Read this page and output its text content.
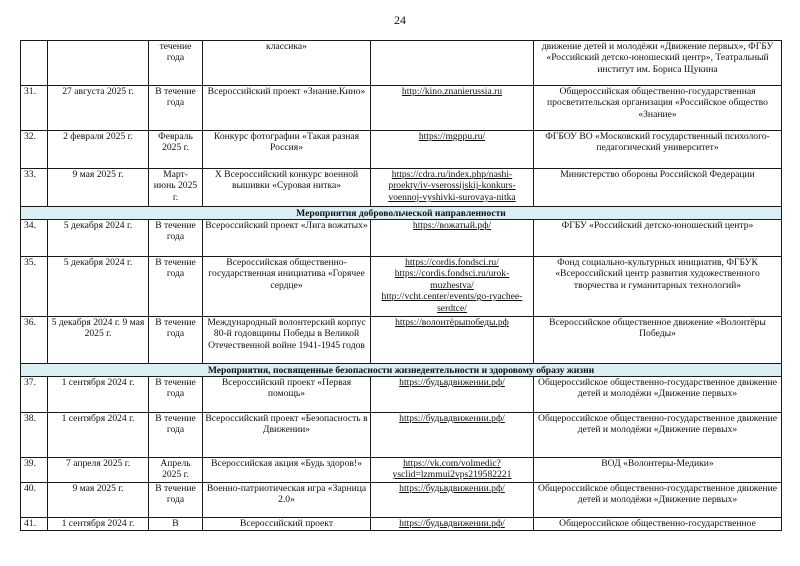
24
		течение года	классика»		движение детей и молодёжи «Движение первых», ФГБУ «Российский детско-юношеский центр», Театральный институт им. Бориса Щукина
31.	27 августа 2025 г.	В течение года	Всероссийский проект «Знание.Кино»	http://kino.znanierussia.ru	Общероссийская общественно-государственная просветительская организация «Российское общество «Знание»
32.	2 февраля 2025 г.	Февраль 2025 г.	Конкурс фотографии «Такая разная Россия»	https://mgppu.ru/	ФГБОУ ВО «Московский государственный психолого- педагогический университет»
33.	9 мая 2025 г.	Март- июнь 2025 г.	X Всероссийский конкурс военной вышивки «Суровая нитка»	https://cdra.ru/index.php/nashi-proekty/iv-vserossijskij-konkurs-voennoj-vyshivki-surovaya-nitka	Министерство обороны Российской Федерации
Мероприятия добровольческой направленности					
34.	5 декабря 2024 г.	В течение года	Всероссийский проект «Лига вожатых»	https://вожатый.рф/	ФГБУ «Российский детско-юношеский центр»
35.	5 декабря 2024 г.	В течение года	Всероссийская общественно- государственная инициатива «Горячее сердце»	https://cordis.fondsci.ru/
https://cordis.fondsci.ru/urok-muzhestva/
http://vcht.center/events/go-ryachee-serdtce/	Фонд социально-культурных инициатив, ФГБУК «Всероссийский центр развития художественного творчества и гуманитарных технологий»
36.	5 декабря 2024 г. 9 мая 2025 г.	В течение года	Международный волонтерский корпус 80-й годовщины Победы в Великой Отечественной войне 1941-1945 годов	https://волонтёрыпобеды.рф	Всероссийское общественное движение «Волонтёры Победы»
Мероприятия, посвященные безопасности жизнедеятельности и здоровому образу жизни					
37.	1 сентября 2024 г.	В течение года	Всероссийский проект «Первая помощь»	https://будьвдвижении.рф/	Общероссийское общественно-государственное движение детей и молодёжи «Движение первых»
38.	1 сентября 2024 г.	В течение года	Всероссийский проект «Безопасность в Движении»	https://будьвдвижении.рф/	Общероссийское общественно-государственное движение детей и молодёжи «Движение первых»
39.	7 апреля 2025 г.	Апрель 2025 г.	Всероссийская акция «Будь здоров!»	https://vk.com/volmedic?ysclid=lzmmui2vps219582221	ВОД «Волонтеры-Медики»
40.	9 мая 2025 г.	В течение года	Военно-патриотическая игра «Зарница 2.0»	https://будьвдвижении.рф/	Общероссийское общественно-государственное движение детей и молодёжи «Движение первых»
41.	1 сентября 2024 г.	В	Всероссийский проект	https://будьвдвижении.рф/	Общероссийское общественно-государственное
